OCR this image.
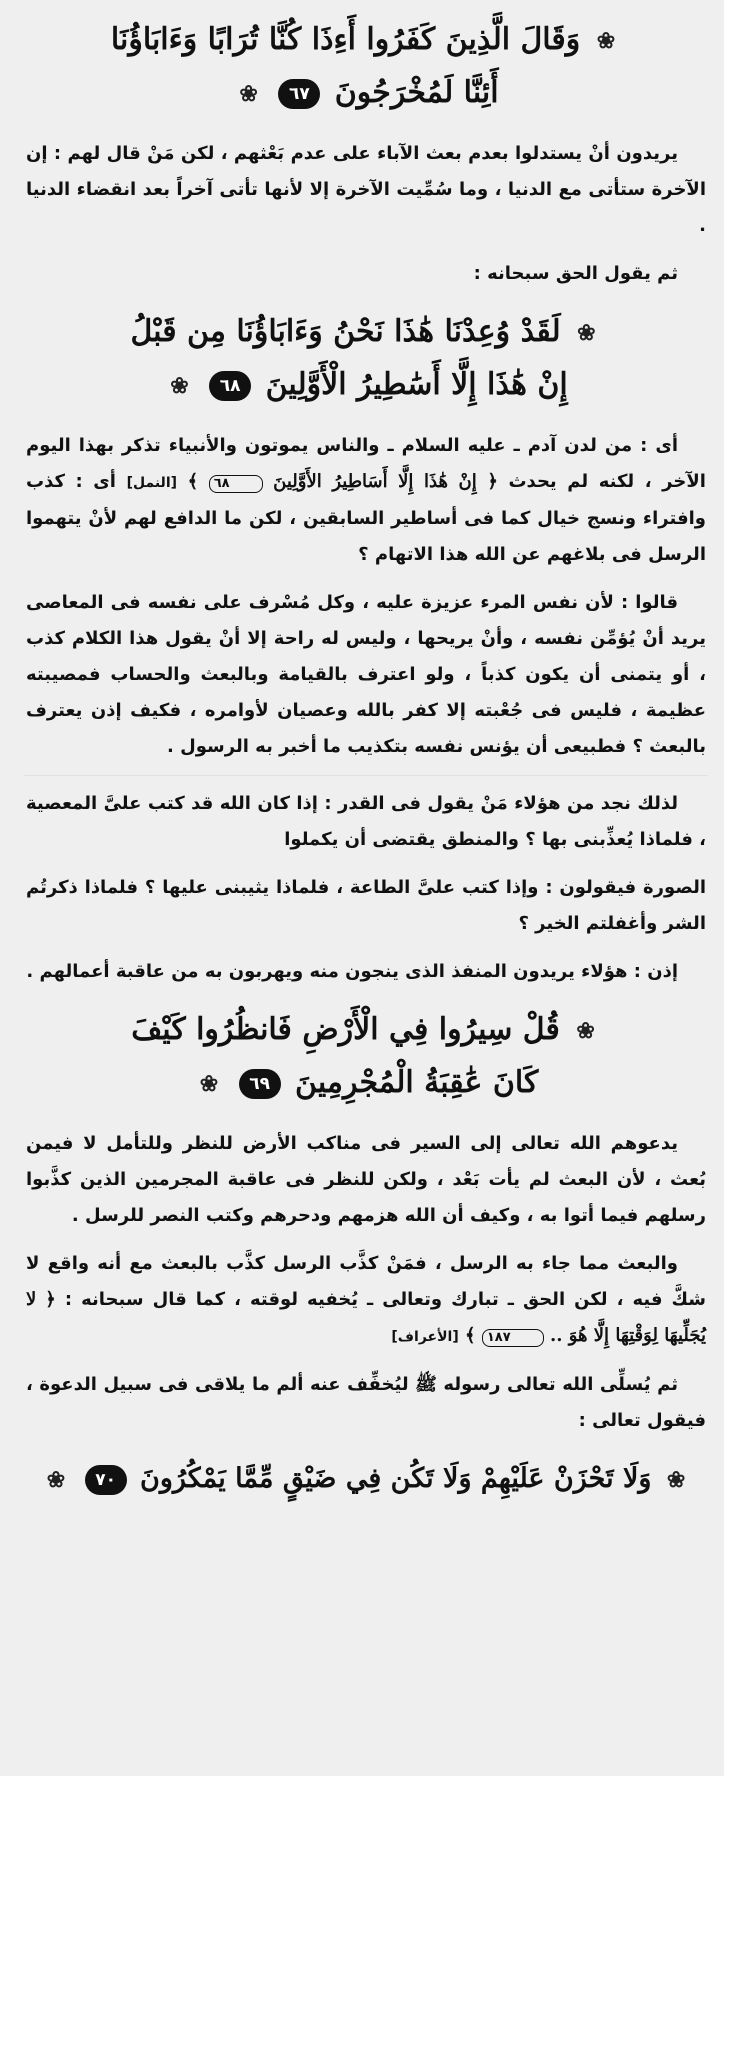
❀ وَقَالَ الَّذِينَ كَفَرُوا أَءِذَا كُنَّا تُرَابًا وَءَابَاؤُنَا

أَئِنَّا لَمُخْرَجُونَ ٦٧ ❀

يريدون أنْ يستدلوا بعدم بعث الآباء على عدم بَعْثهم ، لكن مَنْ قال لهم : إن الآخرة ستأتى مع الدنيا ، وما سُمِّيت الآخرة إلا لأنها تأتى آخراً بعد انقضاء الدنيا .

ثم يقول الحق سبحانه :

❀ لَقَدْ وُعِدْنَا هَٰذَا نَحْنُ وَءَابَاؤُنَا مِن قَبْلُ

إِنْ هَٰذَا إِلَّا أَسَٰطِيرُ الْأَوَّلِينَ ٦٨ ❀

أى : من لدن آدم ـ عليه السلام ـ والناس يموتون والأنبياء تذكر بهذا اليوم الآخر ، لكنه لم يحدث ﴿ إِنْ هَٰذَا إِلَّا أَسَاطِيرُ الأَوَّلِينَ ٦٨ ﴾ [النمل] أى : كذب وافتراء ونسج خيال كما فى أساطير السابقين ، لكن ما الدافع لهم لأنْ يتهموا الرسل فى بلاغهم عن الله هذا الاتهام ؟

قالوا : لأن نفس المرء عزيزة عليه ، وكل مُسْرف على نفسه فى المعاصى يريد أنْ يُؤمِّن نفسه ، وأنْ يريحها ، وليس له راحة إلا أنْ يقول هذا الكلام كذب ، أو يتمنى أن يكون كذباً ، ولو اعترف بالقيامة وبالبعث والحساب فمصيبته عظيمة ، فليس فى جُعْبته إلا كفر بالله وعصيان لأوامره ، فكيف إذن يعترف بالبعث ؟ فطبيعى أن يؤنس نفسه بتكذيب ما أخبر به الرسول .

لذلك نجد من هؤلاء مَنْ يقول فى القدر : إذا كان الله قد كتب علىَّ المعصية ، فلماذا يُعذِّبنى بها ؟ والمنطق يقتضى أن يكملوا

الصورة فيقولون : وإذا كتب علىَّ الطاعة ، فلماذا يثيبنى عليها ؟ فلماذا ذكرتُم الشر وأغفلتم الخير ؟

إذن : هؤلاء يريدون المنفذ الذى ينجون منه ويهربون به من عاقبة أعمالهم .

❀ قُلْ سِيرُوا فِي الْأَرْضِ فَانظُرُوا كَيْفَ

كَانَ عَٰقِبَةُ الْمُجْرِمِينَ ٦٩ ❀

يدعوهم الله تعالى إلى السير فى مناكب الأرض للنظر وللتأمل لا فيمن بُعث ، لأن البعث لم يأت بَعْد ، ولكن للنظر فى عاقبة المجرمين الذين كذَّبوا رسلهم فيما أتوا به ، وكيف أن الله هزمهم ودحرهم وكتب النصر للرسل .

والبعث مما جاء به الرسل ، فمَنْ كذَّب الرسل كذَّب بالبعث مع أنه واقع لا شكَّ فيه ، لكن الحق ـ تبارك وتعالى ـ يُخفيه لوقته ، كما قال سبحانه : ﴿ لا يُجَلِّيهَا لِوَقْتِهَا إِلَّا هُوَ .. ١٨٧ ﴾ [الأعراف]

ثم يُسلِّى الله تعالى رسوله ﷺ ليُخفِّف عنه ألم ما يلاقى فى سبيل الدعوة ، فيقول تعالى :

❀ وَلَا تَحْزَنْ عَلَيْهِمْ وَلَا تَكُن فِي ضَيْقٍ مِّمَّا يَمْكُرُونَ ٧٠ ❀
